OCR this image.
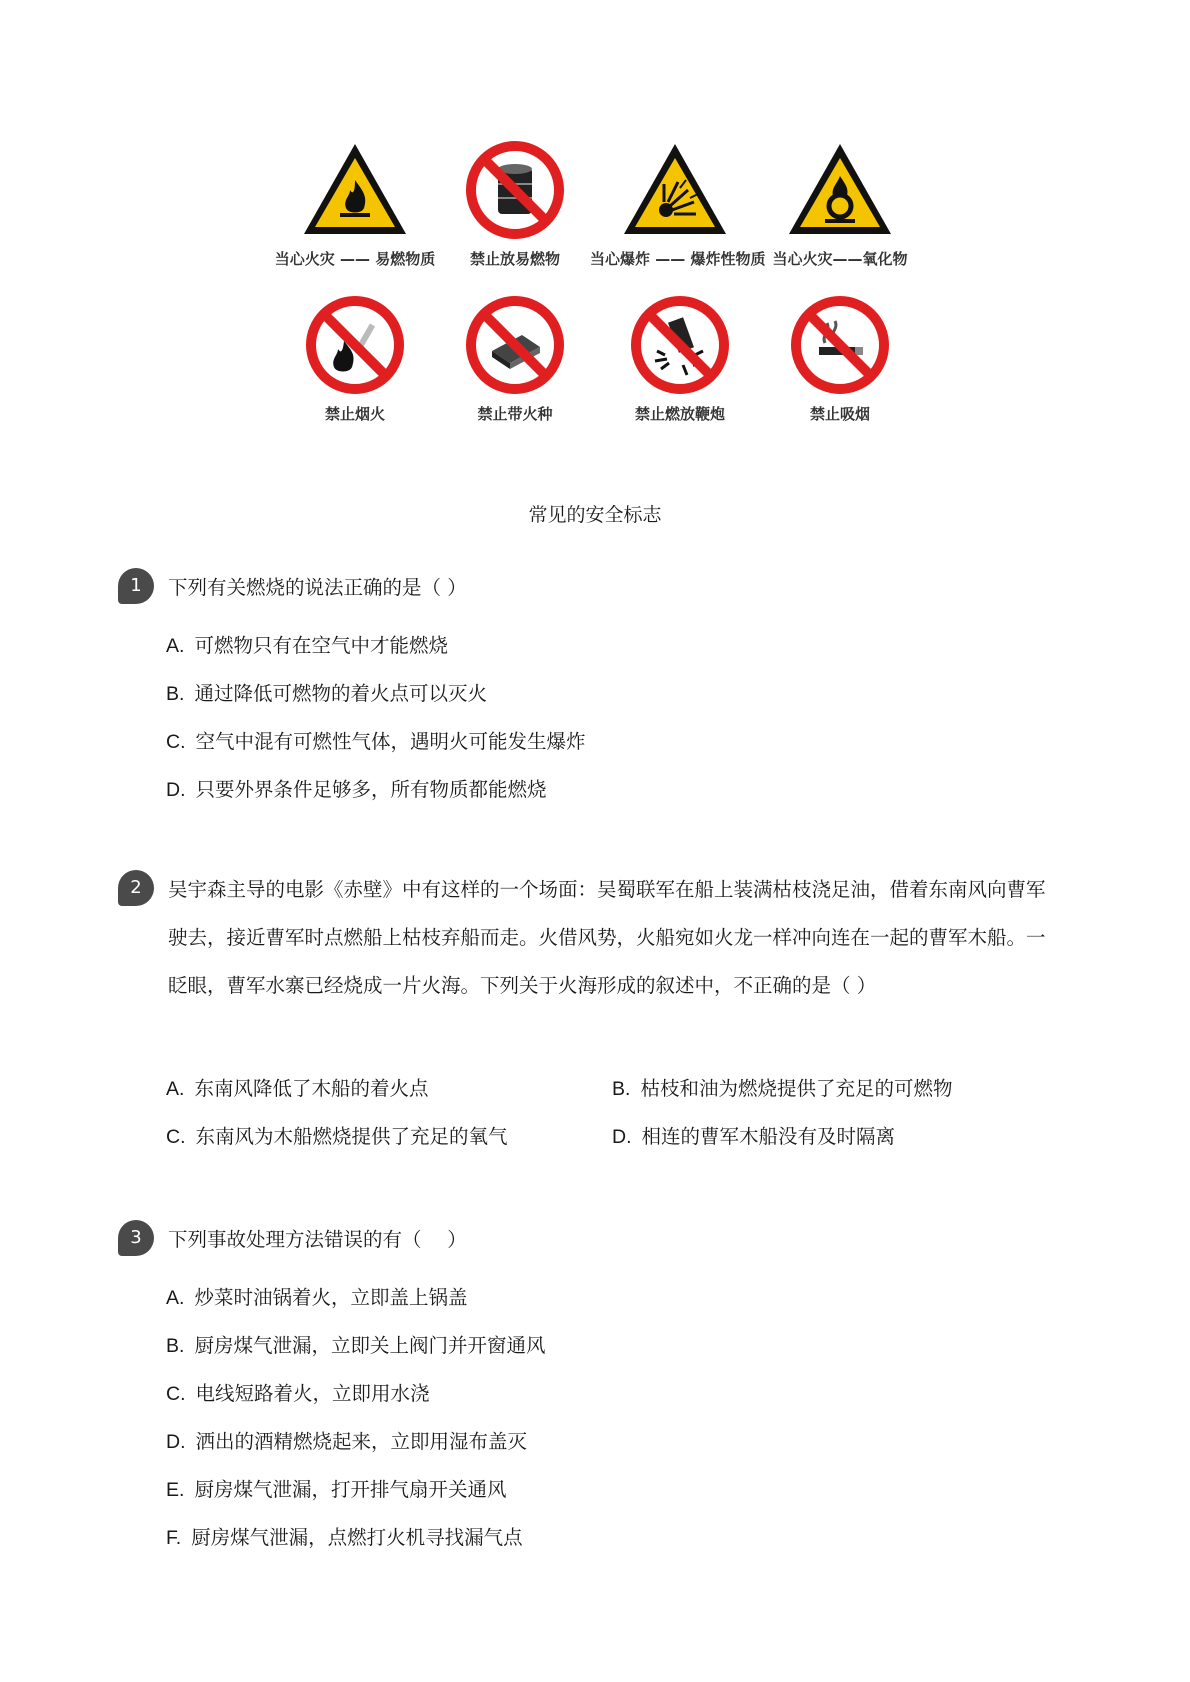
当心火灾 —— 易燃物质	禁止放易燃物	当心爆炸 —— 爆炸性物质 当心火灾——氧化物
禁止烟火	禁止带火种	禁止燃放鞭炮	禁止吸烟
常见的安全标志
1	下列有关燃烧的说法正确的是（ ）
A. 可燃物只有在空气中才能燃烧
B. 通过降低可燃物的着火点可以灭火
C. 空气中混有可燃性气体，遇明火可能发生爆炸
D. 只要外界条件足够多，所有物质都能燃烧
2	吴宇森主导的电影《赤壁》中有这样的一个场面：吴蜀联军在船上装满枯枝浇足油，借着东南风向曹军驶去，接近曹军时点燃船上枯枝弃船而走。火借风势，火船宛如火龙一样冲向连在一起的曹军木船。一眨眼，曹军水寨已经烧成一片火海。下列关于火海形成的叙述中，不正确的是（ ）
A. 东南风降低了木船的着火点	B. 枯枝和油为燃烧提供了充足的可燃物
C. 东南风为木船燃烧提供了充足的氧气	D. 相连的曹军木船没有及时隔离
3	下列事故处理方法错误的有（　 ）
A. 炒菜时油锅着火，立即盖上锅盖
B. 厨房煤气泄漏，立即关上阀门并开窗通风
C. 电线短路着火，立即用水浇
D. 洒出的酒精燃烧起来，立即用湿布盖灭
E. 厨房煤气泄漏，打开排气扇开关通风
F. 厨房煤气泄漏，点燃打火机寻找漏气点
